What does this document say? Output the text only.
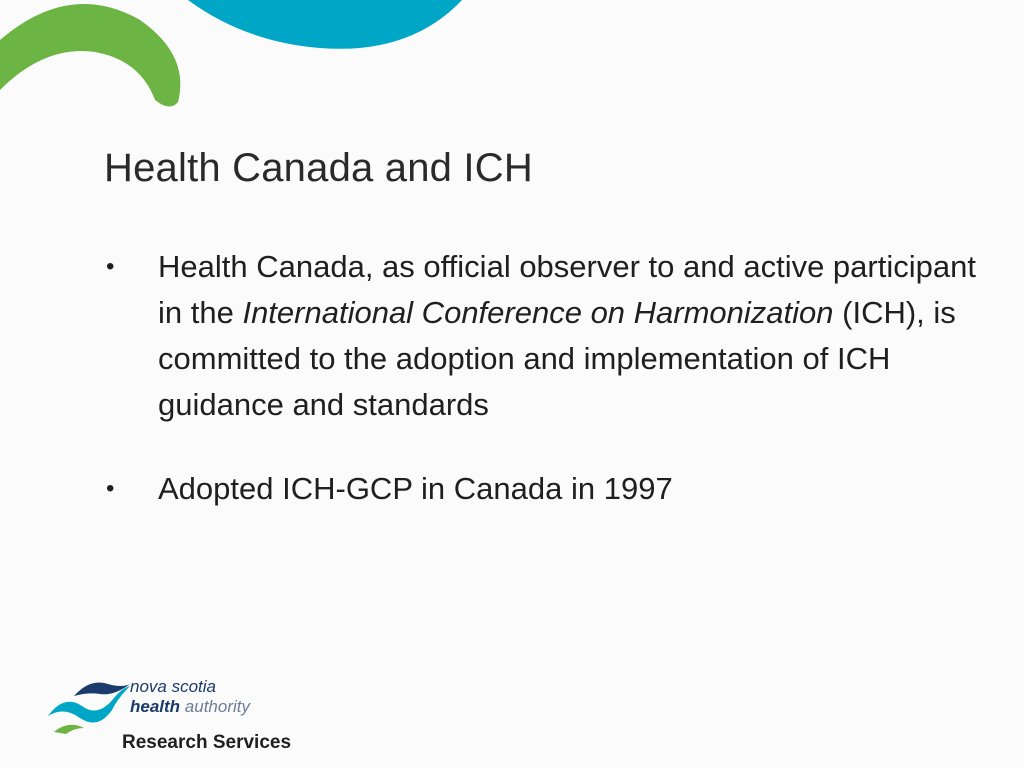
Health Canada and ICH
• Health Canada, as official observer to and active participant in the International Conference on Harmonization (ICH), is committed to the adoption and implementation of ICH guidance and standards
• Adopted ICH-GCP in Canada in 1997
nova scotia
health authority
Research Services
